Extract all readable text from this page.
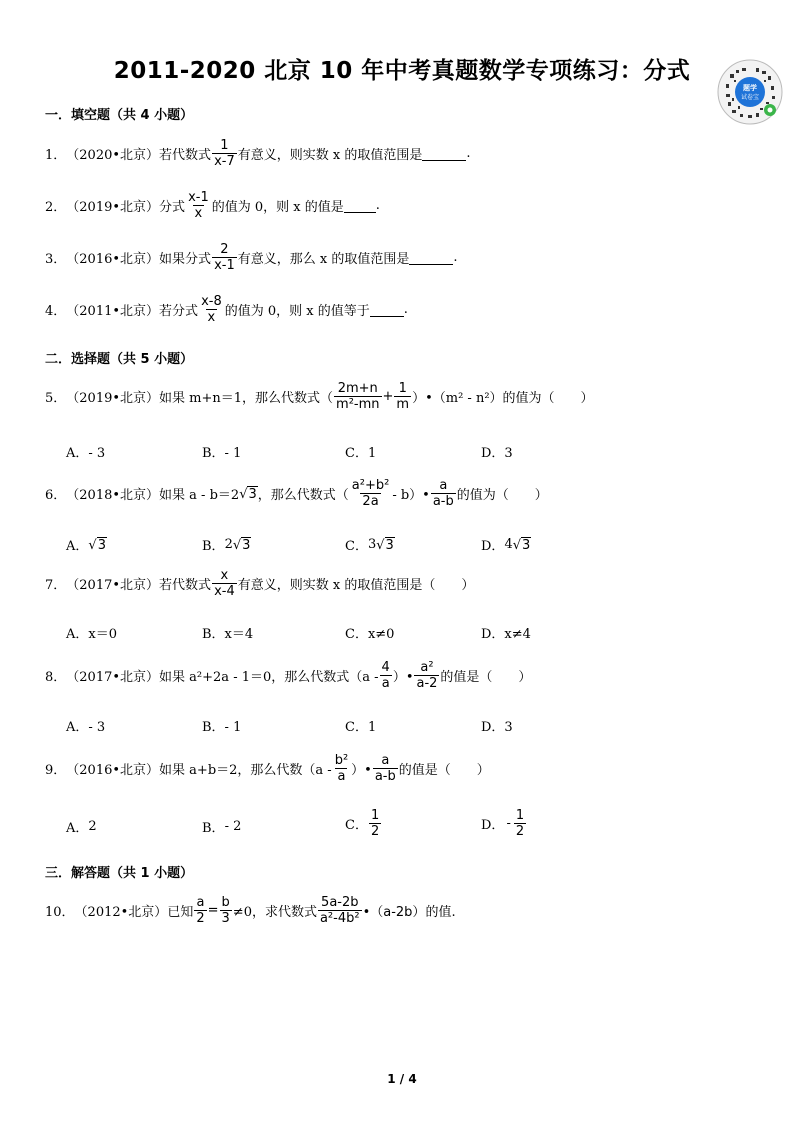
2011-2020 北京 10 年中考真题数学专项练习：分式
题学
试卷宝
一．填空题（共 4 小题）
1． （2020•北京） 若代数式 $\frac{1}{x-7}$ 有意义，则实数 x 的取值范围是	.
2． （2019•北京） 分式 $\frac{x-1}{x}$ 的值为 0，则 x 的值是 .
3． （2016•北京） 如果分式 $\frac{2}{x-1}$ 有意义，那么 x 的取值范围是	.
4． （2011•北京） 若分式 $\frac{x-8}{x}$ 的值为 0，则 x 的值等于	.
二．选择题（共 5 小题）
5． （2019•北京） 如果 m+n＝1，那么代数式（ $\frac{2m+n}{\text{m²-mn}} + \frac{1}{m}$ ）•（m² - n²）的值为（　　）
A．- 3	B．- 1	C．1	D．3
6． （2018•北京） 如果 a - b＝2 √ 3 ，那么代数式（ $\frac{\text{a²+b²}}{2a}$ - b）• $\frac{a}{a-b}$ 的值为（　　）
A． √ 3	B． 2 √ 3	C． 3 √ 3	D． 4 √ 3
7． （2017•北京） 若代数式 $\frac{x}{x-4}$ 有意义，则实数 x 的取值范围是（　　）
A．x＝0	B．x＝4	C．x≠0	D．x≠4
8． （2017•北京） 如果 a²+2a - 1＝0，那么代数式（$a - \frac{4}{a}$ ）• $\frac{\text{a²}}{a-2}$ 的值是（　　）
A．- 3	B．- 1	C．1	D．3
9． （2016•北京） 如果 a+b＝2，那么代数（$a - \frac{\text{b²}}{a}$ ）• $\frac{a}{a-b}$ 的值是（　　）
A． 2	B． - 2	C． $\frac{1}{2}$	D． - $\frac{1}{2}$
三．解答题（共 1 小题）
10． （2012•北京） 已知 $\frac{a}{2} = \frac{b}{3} \ne 0$，求代数式 $\frac{5a-2b}{\text{a²-4b²}}$ •（a-2b） 的值.
1 / 4
